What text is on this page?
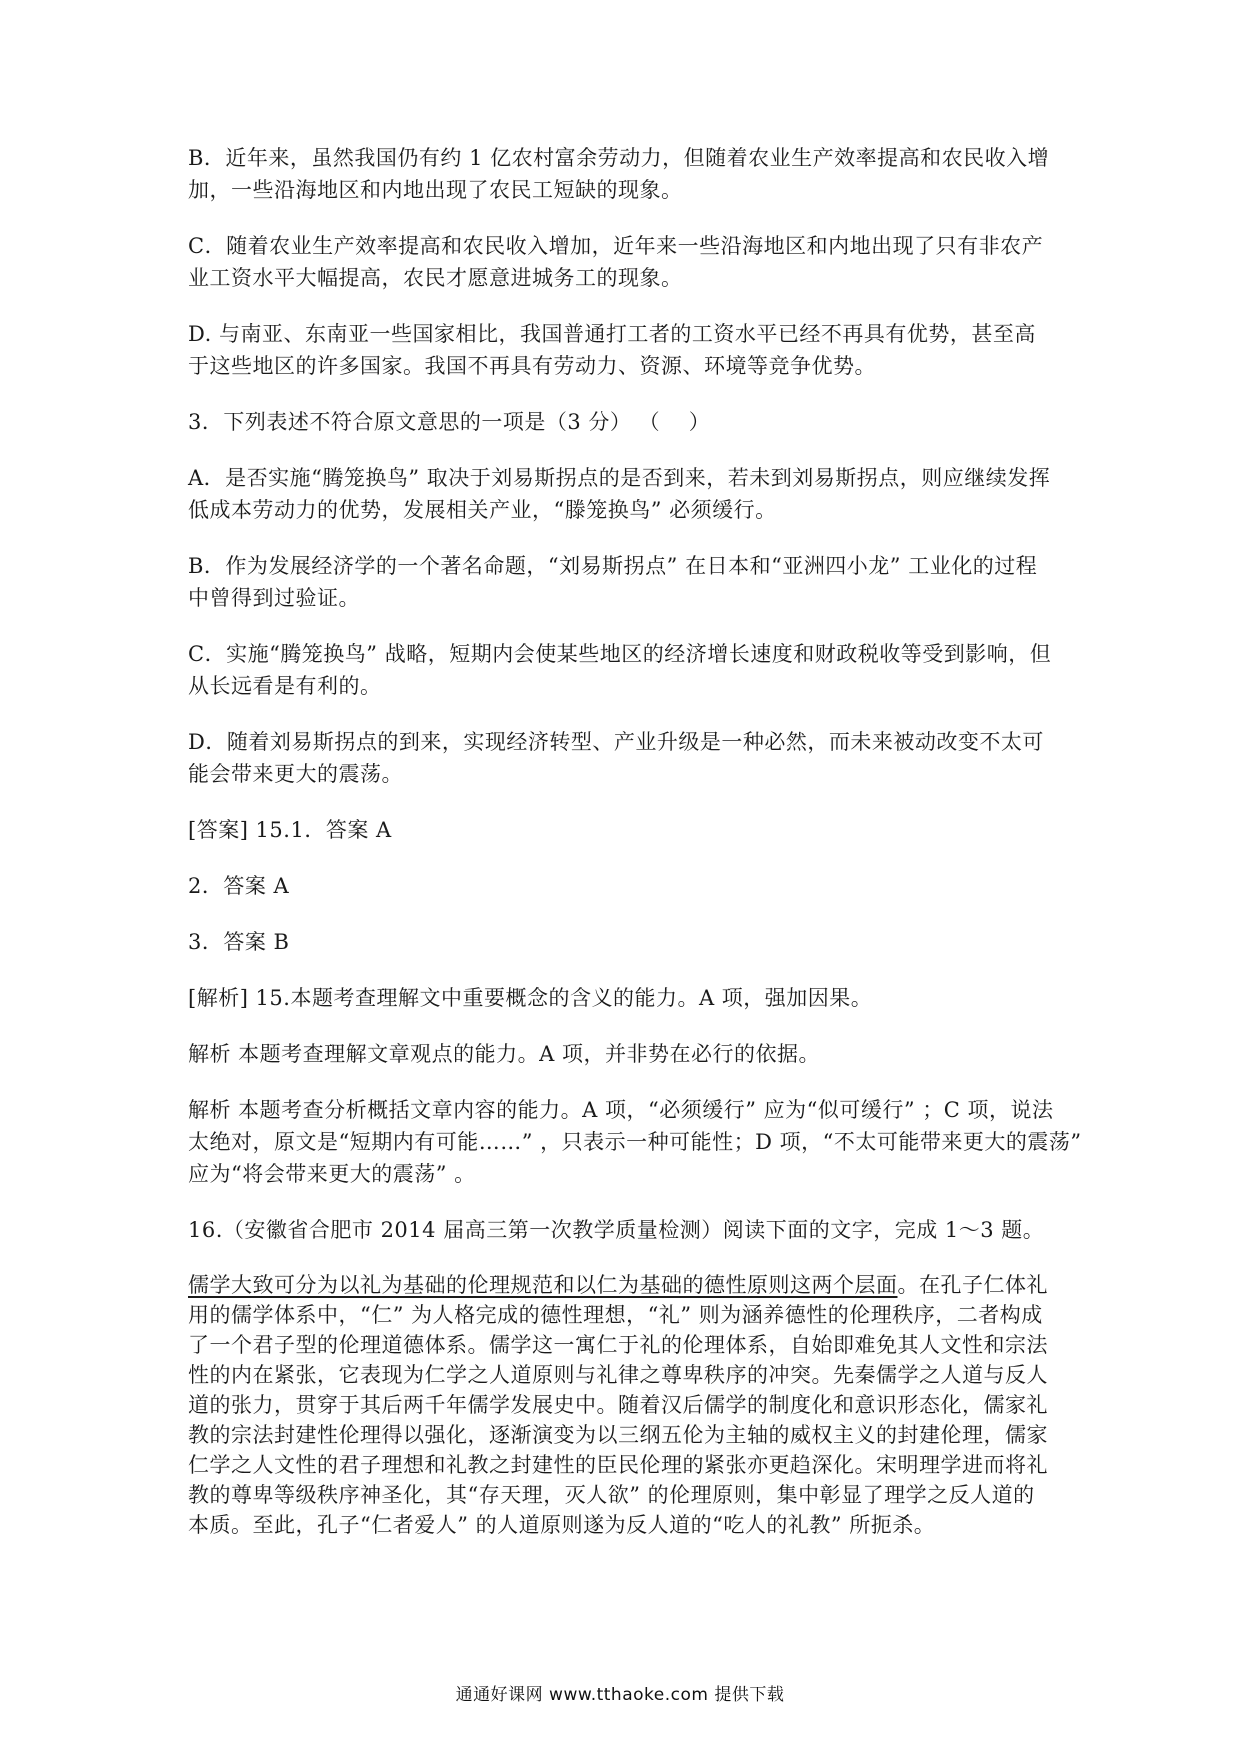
B．近年来，虽然我国仍有约 1 亿农村富余劳动力，但随着农业生产效率提高和农民收入增
加，一些沿海地区和内地出现了农民工短缺的现象。
C．随着农业生产效率提高和农民收入增加，近年来一些沿海地区和内地出现了只有非农产
业工资水平大幅提高，农民才愿意进城务工的现象。
D. 与南亚、东南亚一些国家相比，我国普通打工者的工资水平已经不再具有优势，甚至高
于这些地区的许多国家。我国不再具有劳动力、资源、环境等竞争优势。
3．下列表述不符合原文意思的一项是（3 分） （　 ）
A．是否实施“腾笼换鸟” 取决于刘易斯拐点的是否到来，若未到刘易斯拐点，则应继续发挥
低成本劳动力的优势，发展相关产业，“滕笼换鸟” 必须缓行。
B．作为发展经济学的一个著名命题，“刘易斯拐点” 在日本和“亚洲四小龙” 工业化的过程
中曾得到过验证。
C．实施“腾笼换鸟” 战略，短期内会使某些地区的经济增长速度和财政税收等受到影响，但
从长远看是有利的。
D．随着刘易斯拐点的到来，实现经济转型、产业升级是一种必然，而未来被动改变不太可
能会带来更大的震荡。
[答案] 15.1．答案 A
2．答案 A
3．答案 B
[解析] 15.本题考查理解文中重要概念的含义的能力。A 项，强加因果。
解析 本题考查理解文章观点的能力。A 项，并非势在必行的依据。
解析 本题考查分析概括文章内容的能力。A 项，“必须缓行” 应为“似可缓行” ；C 项，说法
太绝对，原文是“短期内有可能……” ，只表示一种可能性；D 项，“不太可能带来更大的震荡”
应为“将会带来更大的震荡” 。
16.（安徽省合肥市 2014 届高三第一次教学质量检测）阅读下面的文字，完成 1～3 题。
儒学大致可分为以礼为基础的伦理规范和以仁为基础的德性原则这两个层面。在孔子仁体礼
用的儒学体系中，“仁” 为人格完成的德性理想，“礼” 则为涵养德性的伦理秩序，二者构成
了一个君子型的伦理道德体系。儒学这一寓仁于礼的伦理体系，自始即难免其人文性和宗法
性的内在紧张，它表现为仁学之人道原则与礼律之尊卑秩序的冲突。先秦儒学之人道与反人
道的张力，贯穿于其后两千年儒学发展史中。随着汉后儒学的制度化和意识形态化，儒家礼
教的宗法封建性伦理得以强化，逐渐演变为以三纲五伦为主轴的威权主义的封建伦理，儒家
仁学之人文性的君子理想和礼教之封建性的臣民伦理的紧张亦更趋深化。宋明理学进而将礼
教的尊卑等级秩序神圣化，其“存天理，灭人欲” 的伦理原则，集中彰显了理学之反人道的
本质。至此，孔子“仁者爱人” 的人道原则遂为反人道的“吃人的礼教” 所扼杀。
通通好课网 www.tthaoke.com 提供下载
